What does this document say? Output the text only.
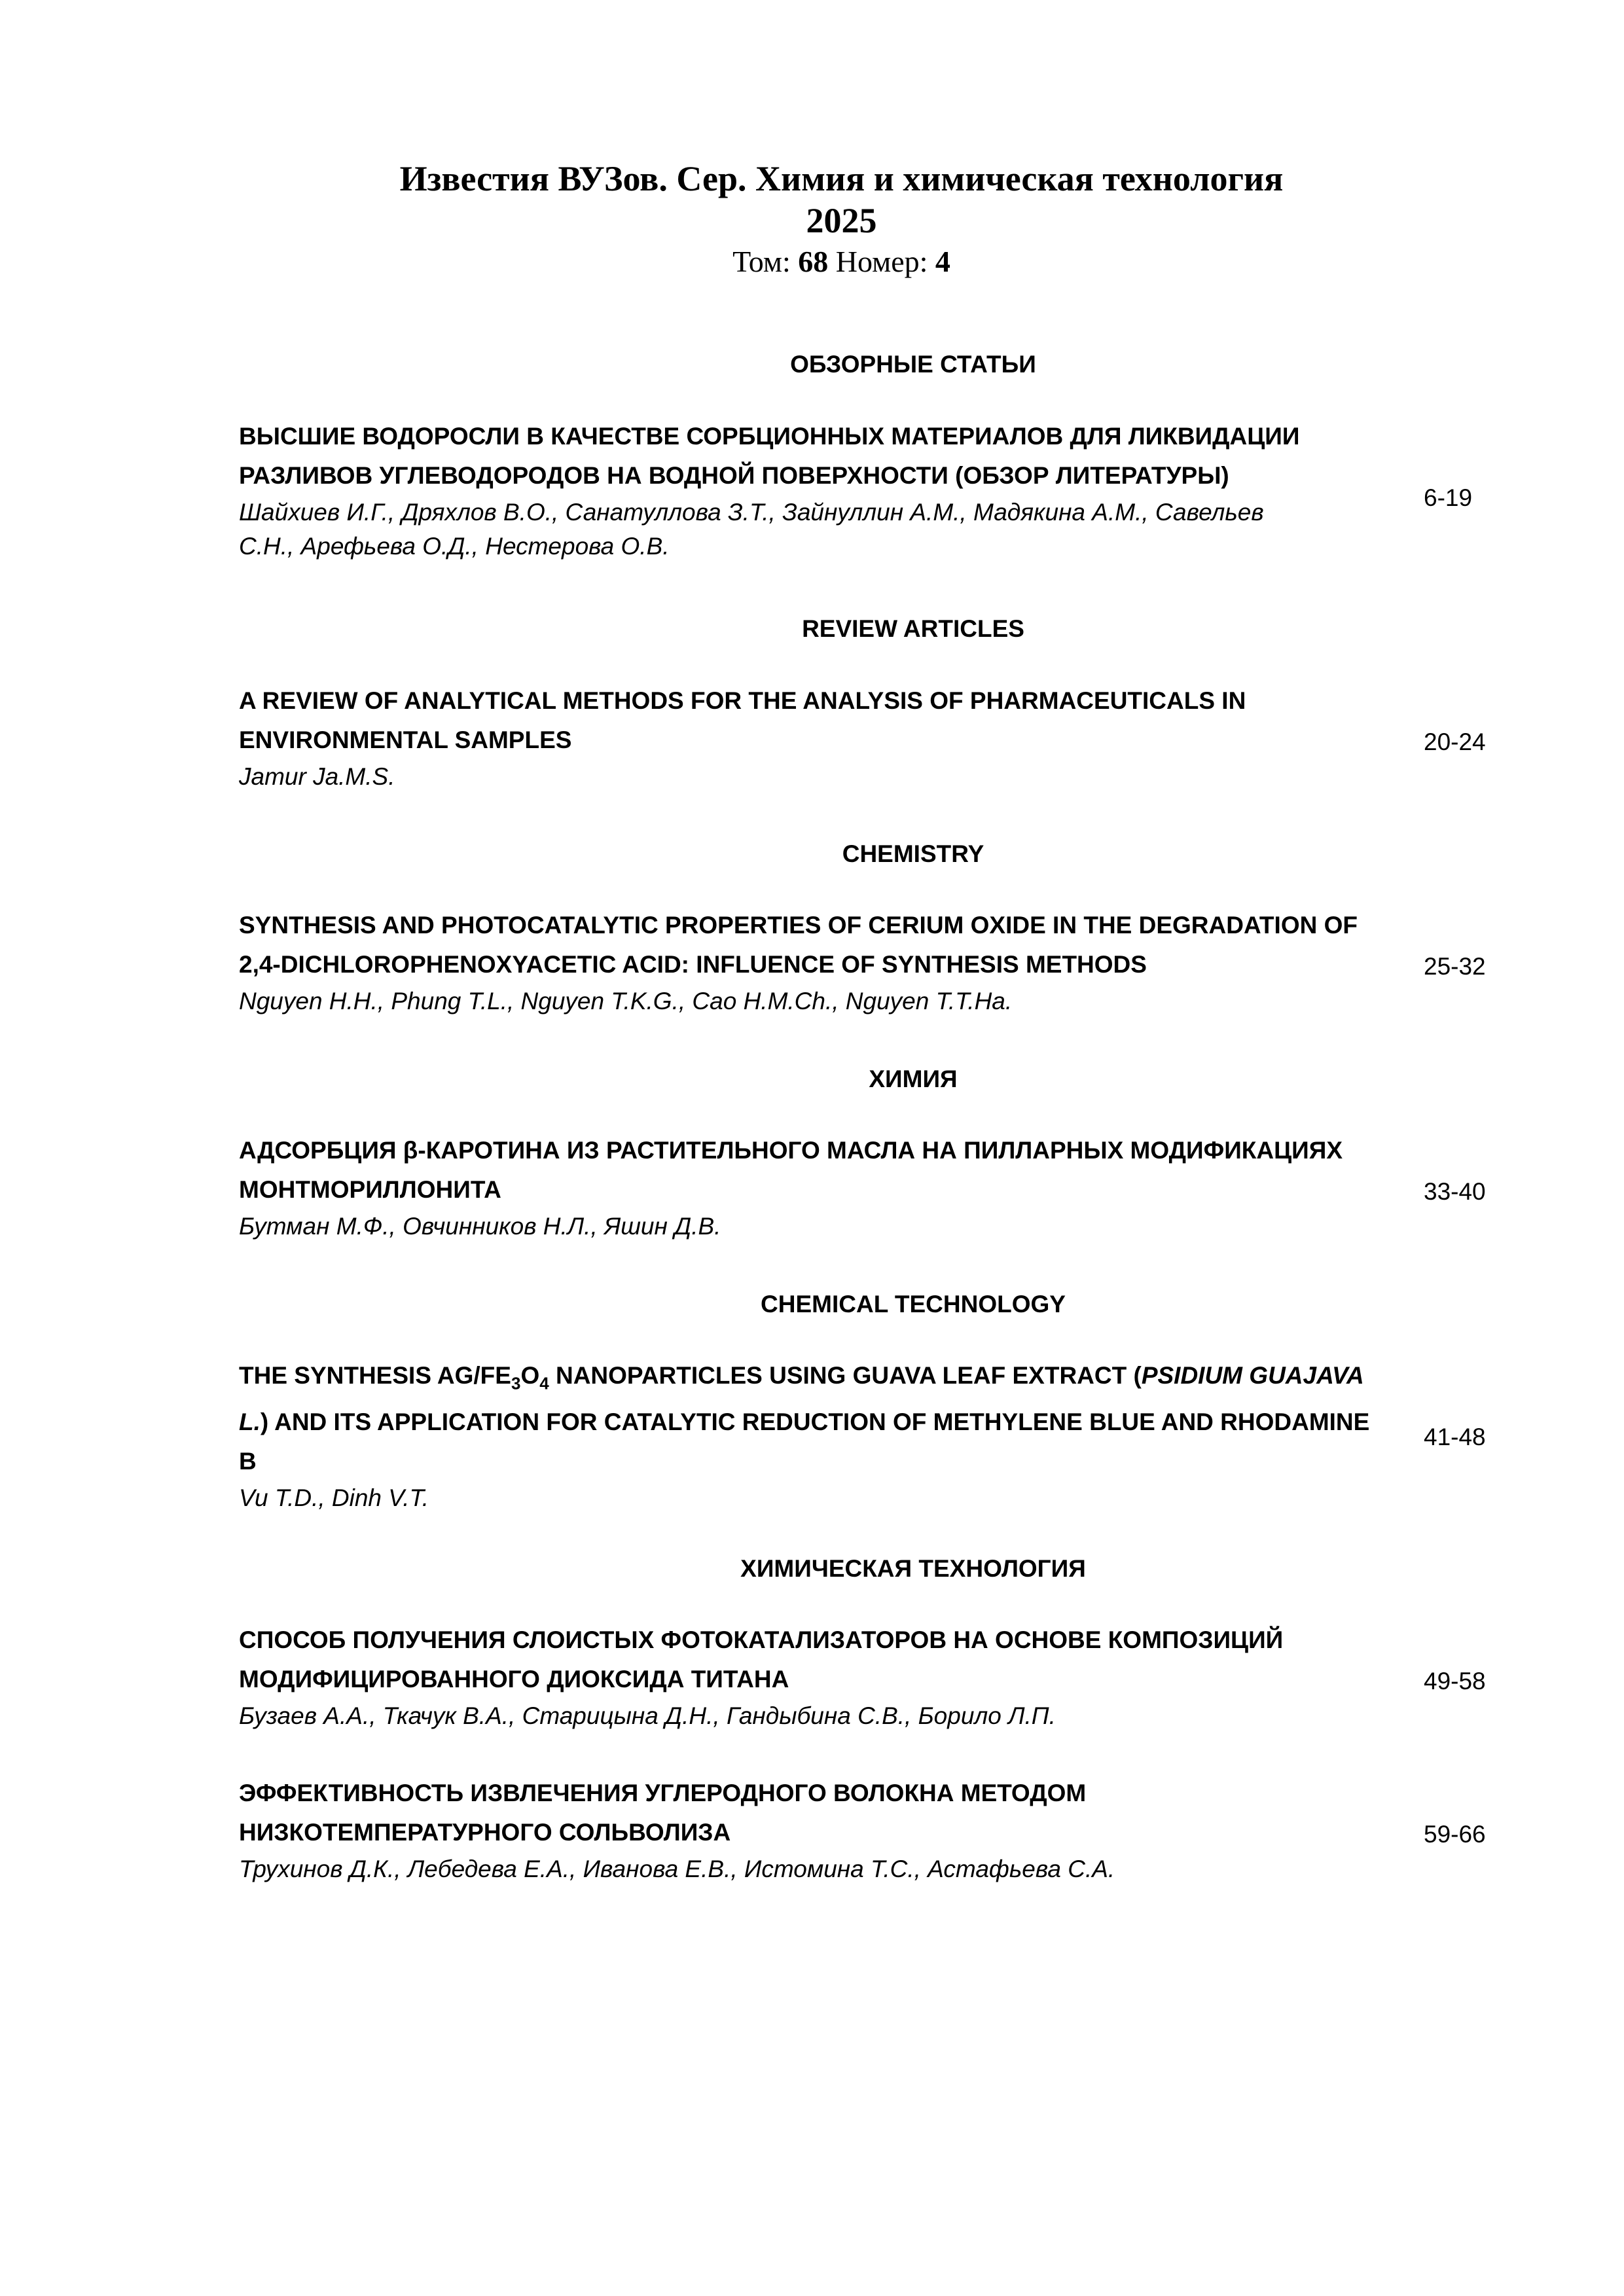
Известия ВУЗов. Сер. Химия и химическая технология
2025
Том: 68 Номер: 4
ОБЗОРНЫЕ СТАТЬИ
ВЫСШИЕ ВОДОРОСЛИ В КАЧЕСТВЕ СОРБЦИОННЫХ МАТЕРИАЛОВ ДЛЯ ЛИКВИДАЦИИ
РАЗЛИВОВ УГЛЕВОДОРОДОВ НА ВОДНОЙ ПОВЕРХНОСТИ (ОБЗОР ЛИТЕРАТУРЫ)
Шайхиев И.Г., Дряхлов В.О., Санатуллова З.Т., Зайнуллин А.М., Мадякина А.М., Савельев
С.Н., Арефьева О.Д., Нестерова О.В.
6-19
REVIEW ARTICLES
A REVIEW OF ANALYTICAL METHODS FOR THE ANALYSIS OF PHARMACEUTICALS IN
ENVIRONMENTAL SAMPLES
Jamur Ja.M.S.
20-24
CHEMISTRY
SYNTHESIS AND PHOTOCATALYTIC PROPERTIES OF CERIUM OXIDE IN THE DEGRADATION OF
2,4-DICHLOROPHENOXYACETIC ACID: INFLUENCE OF SYNTHESIS METHODS
Nguyen H.H., Phung T.L., Nguyen T.K.G., Cao H.M.Ch., Nguyen T.T.Ha.
25-32
ХИМИЯ
АДСОРБЦИЯ β-КАРОТИНА ИЗ РАСТИТЕЛЬНОГО МАСЛА НА ПИЛЛАРНЫХ МОДИФИКАЦИЯХ
МОНТМОРИЛЛОНИТА
Бутман М.Ф., Овчинников Н.Л., Яшин Д.В.
33-40
CHEMICAL TECHNOLOGY
THE SYNTHESIS $AG/FE_3O_4$ NANOPARTICLES USING GUAVA LEAF EXTRACT (PSIDIUM GUAJAVA
L.) AND ITS APPLICATION FOR CATALYTIC REDUCTION OF METHYLENE BLUE AND RHODAMINE
B
Vu T.D., Dinh V.T.
41-48
ХИМИЧЕСКАЯ ТЕХНОЛОГИЯ
СПОСОБ ПОЛУЧЕНИЯ СЛОИСТЫХ ФОТОКАТАЛИЗАТОРОВ НА ОСНОВЕ КОМПОЗИЦИЙ
МОДИФИЦИРОВАННОГО ДИОКСИДА ТИТАНА
Бузаев А.А., Ткачук В.А., Старицына Д.Н., Гандыбина С.В., Борило Л.П.
49-58
ЭФФЕКТИВНОСТЬ ИЗВЛЕЧЕНИЯ УГЛЕРОДНОГО ВОЛОКНА МЕТОДОМ
НИЗКОТЕМПЕРАТУРНОГО СОЛЬВОЛИЗА
Трухинов Д.К., Лебедева Е.А., Иванова Е.В., Истомина Т.С., Астафьева С.А.
59-66
